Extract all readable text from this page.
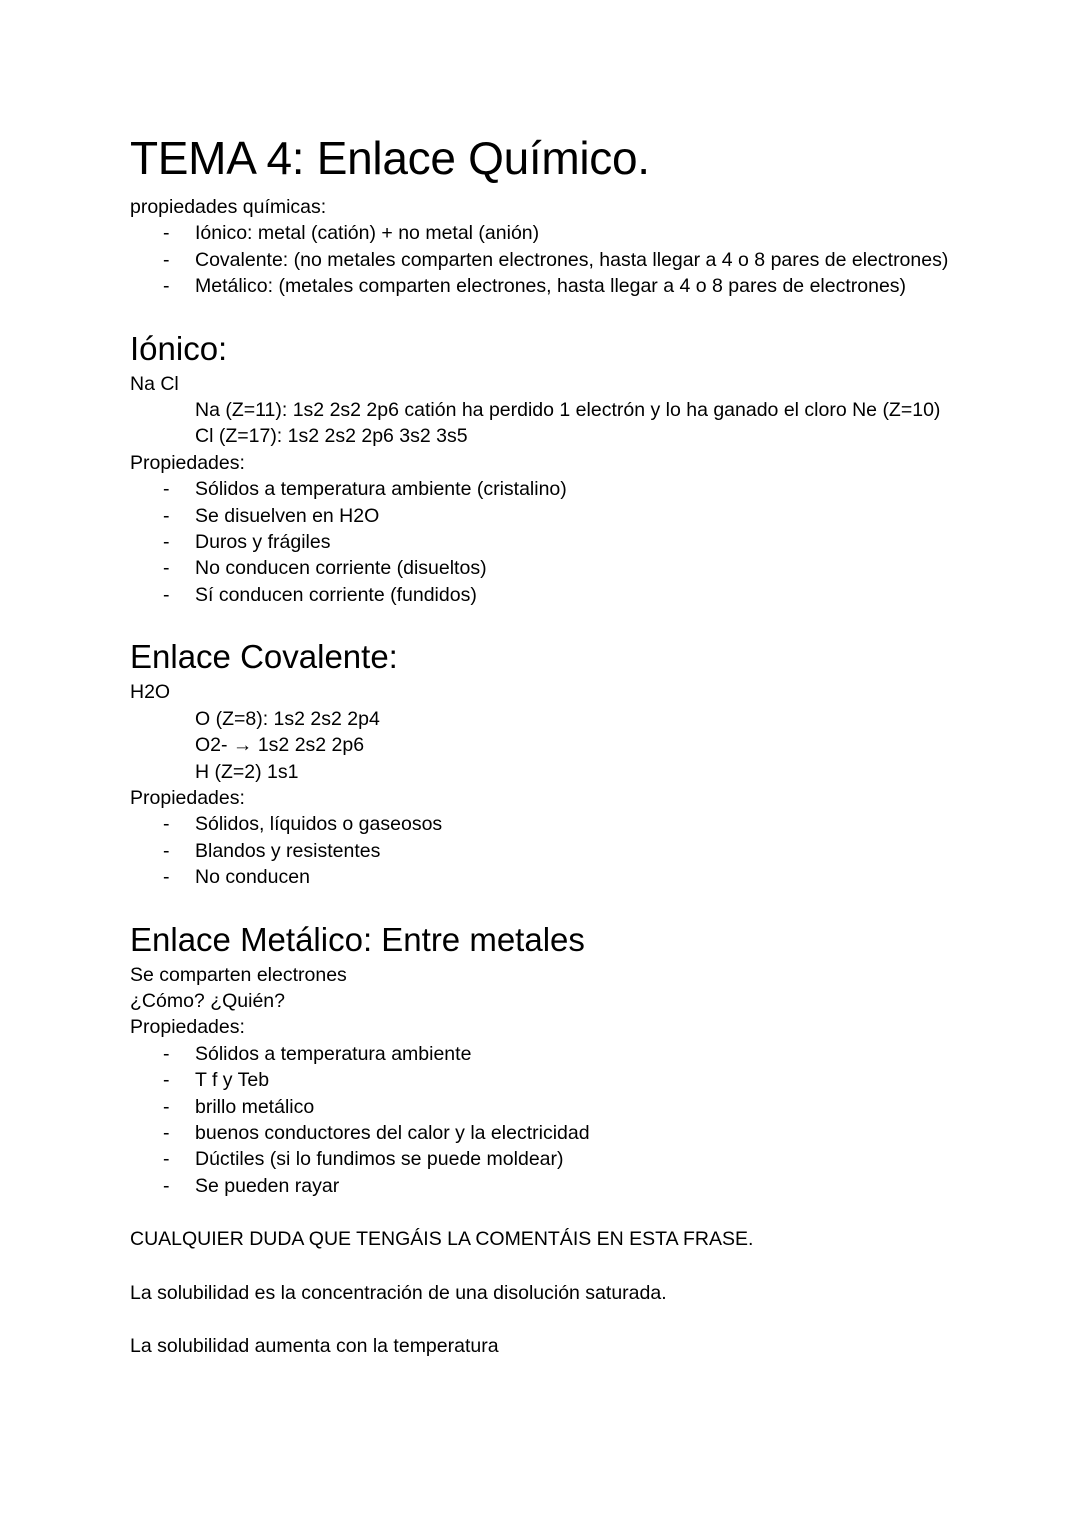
TEMA 4: Enlace Químico.
propiedades químicas:
- Iónico: metal (catión) + no metal (anión)
- Covalente: (no metales comparten electrones, hasta llegar a 4 o 8 pares de electrones)
- Metálico: (metales comparten electrones, hasta llegar a 4 o 8 pares de electrones)
Iónico:
Na Cl
Na (Z=11): 1s2 2s2 2p6 catión ha perdido 1 electrón y lo ha ganado el cloro Ne (Z=10)
Cl (Z=17): 1s2 2s2 2p6 3s2 3s5
Propiedades:
- Sólidos a temperatura ambiente (cristalino)
- Se disuelven en H2O
- Duros y frágiles
- No conducen corriente (disueltos)
- Sí conducen corriente (fundidos)
Enlace Covalente:
H2O
O (Z=8): 1s2 2s2 2p4
O2- → 1s2 2s2 2p6
H (Z=2) 1s1
Propiedades:
- Sólidos, líquidos o gaseosos
- Blandos y resistentes
- No conducen
Enlace Metálico: Entre metales
Se comparten electrones
¿Cómo? ¿Quién?
Propiedades:
- Sólidos a temperatura ambiente
- T f y Teb
- brillo metálico
- buenos conductores del calor y la electricidad
- Dúctiles (si lo fundimos se puede moldear)
- Se pueden rayar
CUALQUIER DUDA QUE TENGÁIS LA COMENTÁIS EN ESTA FRASE.
La solubilidad es la concentración de una disolución saturada.
La solubilidad aumenta con la temperatura
